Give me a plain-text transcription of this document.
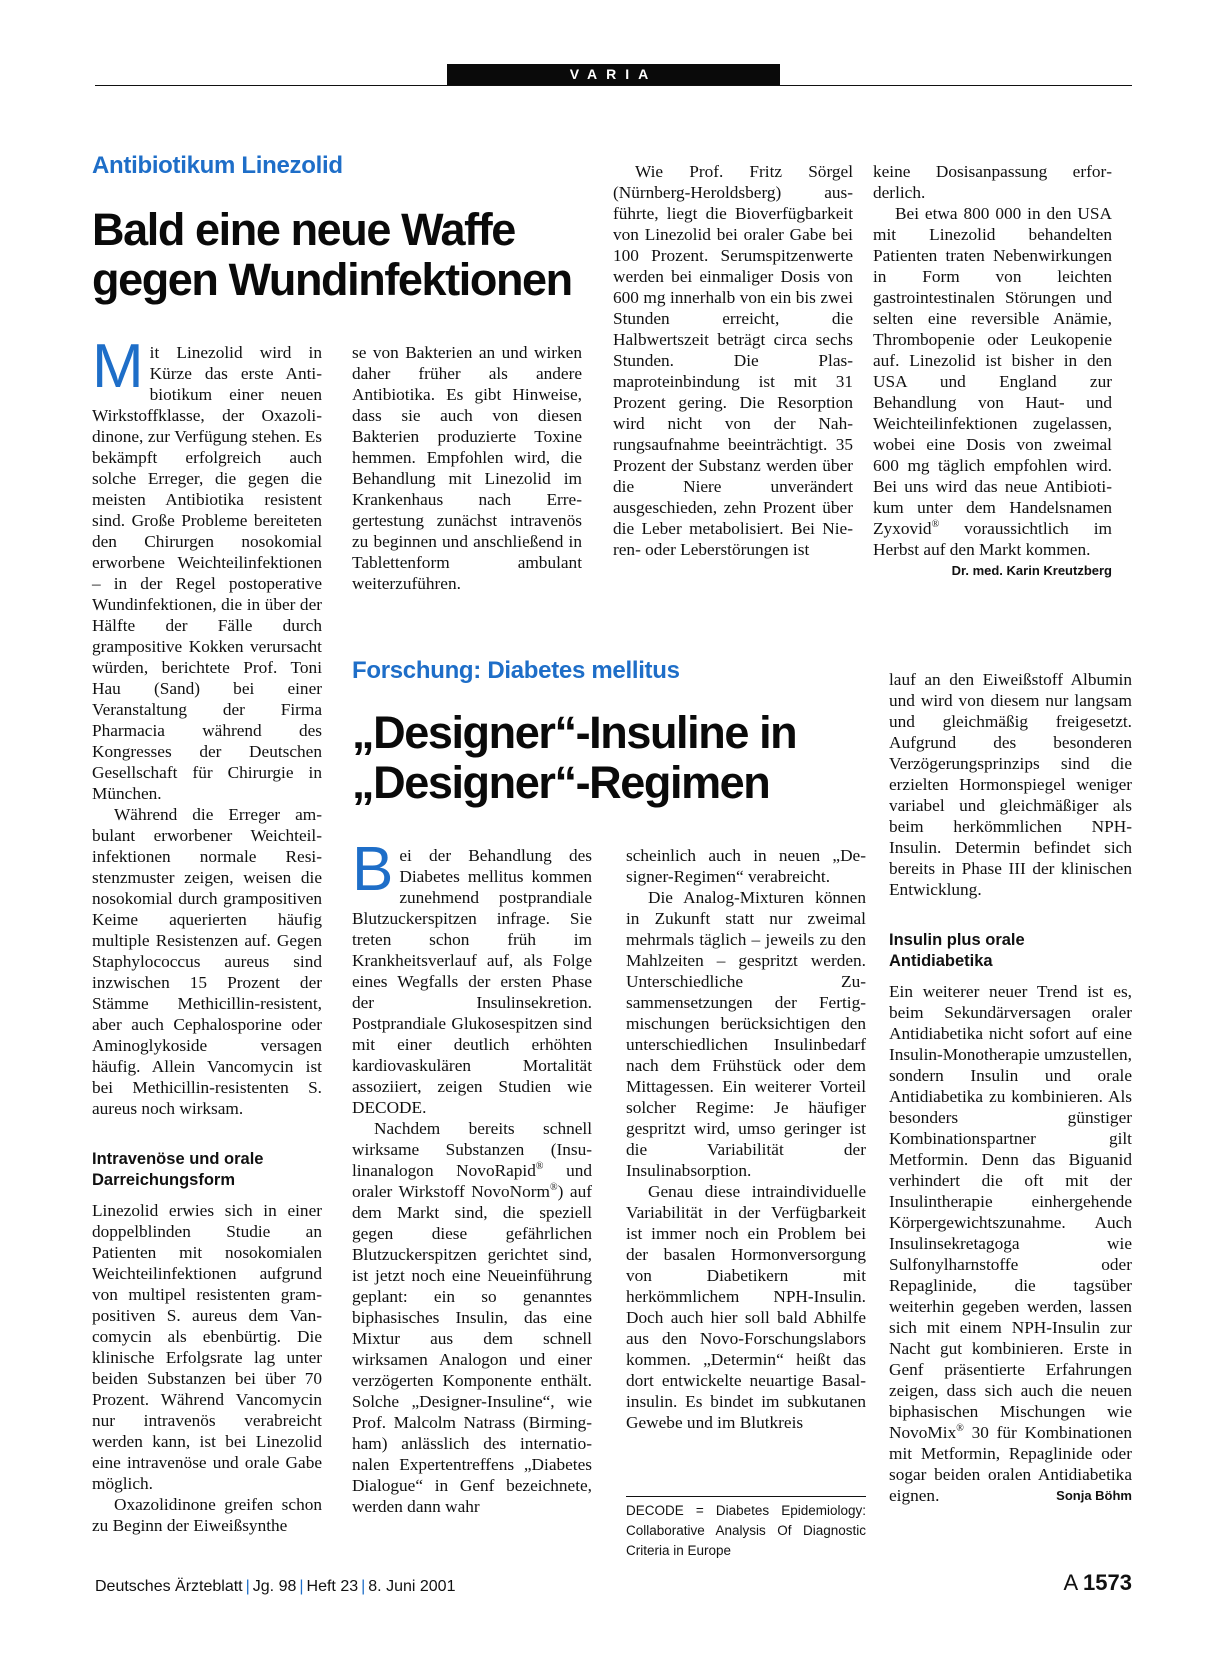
VARIA
Antibiotikum Linezolid
Bald eine neue Waffe
gegen Wundinfektionen

Mit Linezolid wird in Kürze das erste Antibiotikum einer neuen Wirkstoffklasse, der Oxazolidinone, zur Verfügung stehen. Es bekämpft erfolgreich auch solche Erreger, die gegen die meisten Antibiotika resistent sind. Große Probleme bereiteten den Chirurgen nosokomial erworbene Weichteilinfektionen – in der Regel postoperative Wundinfektionen, die in über der Hälfte der Fälle durch grampositive Kokken verursacht würden, berichtete Prof. Toni Hau (Sand) bei einer Veranstaltung der Firma Pharmacia während des Kongresses der Deutschen Gesellschaft für Chirurgie in München.

Während die Erreger ambulant erworbener Weichteilinfektionen normale Resistenzmuster zeigen, weisen die nosokomial durch grampositiven Keime aquerierten häufig multiple Resistenzen auf. Gegen Staphylococcus aureus sind inzwischen 15 Prozent der Stämme Methicillin-resistent, aber auch Cephalosporine oder Aminoglykoside versagen häufig. Allein Vancomycin ist bei Methicillin-resistenten S. aureus noch wirksam.

Intravenöse und orale
Darreichungsform

Linezolid erwies sich in einer doppelblinden Studie an Patienten mit nosokomialen Weichteilinfektionen aufgrund von multipel resistenten grampositiven S. aureus dem Vancomycin als ebenbürtig. Die klinische Erfolgsrate lag unter beiden Substanzen bei über 70 Prozent. Während Vancomycin nur intravenös verabreicht werden kann, ist bei Linezolid eine intravenöse und orale Gabe möglich.

Oxazolidinone greifen schon zu Beginn der Eiweißsynthe

se von Bakterien an und wirken daher früher als andere Antibiotika. Es gibt Hinweise, dass sie auch von diesen Bakterien produzierte Toxine hemmen. Empfohlen wird, die Behandlung mit Linezolid im Krankenhaus nach Erregertestung zunächst intravenös zu beginnen und anschließend in Tablettenform ambulant weiterzuführen.

Wie Prof. Fritz Sörgel (Nürnberg-Heroldsberg) ausführte, liegt die Bioverfügbarkeit von Linezolid bei oraler Gabe bei 100 Prozent. Serumspitzenwerte werden bei einmaliger Dosis von 600 mg innerhalb von ein bis zwei Stunden erreicht, die Halbwertszeit beträgt circa sechs Stunden. Die Plasmaproteinbindung ist mit 31 Prozent gering. Die Resorption wird nicht von der Nahrungsaufnahme beeinträchtigt. 35 Prozent der Substanz werden über die Niere unverändert ausgeschieden, zehn Prozent über die Leber metabolisiert. Bei Nieren- oder Leberstörungen ist

keine Dosisanpassung erforderlich.

Bei etwa 800 000 in den USA mit Linezolid behandelten Patienten traten Nebenwirkungen in Form von leichten gastrointestinalen Störungen und selten eine reversible Anämie, Thrombopenie oder Leukopenie auf. Linezolid ist bisher in den USA und England zur Behandlung von Haut- und Weichteilinfektionen zugelassen, wobei eine Dosis von zweimal 600 mg täglich empfohlen wird. Bei uns wird das neue Antibiotikum unter dem Handelsnamen Zyxovid® voraussichtlich im Herbst auf den Markt kommen.
Dr. med. Karin Kreutzberg

Forschung: Diabetes mellitus
„Designer“-Insuline in
„Designer“-Regimen

Bei der Behandlung des Diabetes mellitus kommen zunehmend postprandiale Blutzuckerspitzen infrage. Sie treten schon früh im Krankheitsverlauf auf, als Folge eines Wegfalls der ersten Phase der Insulinsekretion. Postprandiale Glukosespitzen sind mit einer deutlich erhöhten kardiovaskulären Mortalität assoziiert, zeigen Studien wie DECODE.

Nachdem bereits schnell wirksame Substanzen (Insulinanalogon NovoRapid® und oraler Wirkstoff NovoNorm®) auf dem Markt sind, die speziell gegen diese gefährlichen Blutzuckerspitzen gerichtet sind, ist jetzt noch eine Neueinführung geplant: ein so genanntes biphasisches Insulin, das eine Mixtur aus dem schnell wirksamen Analogon und einer verzögerten Komponente enthält. Solche „Designer-Insuline“, wie Prof. Malcolm Natrass (Birmingham) anlässlich des internationalen Expertentreffens „Diabetes Dialogue“ in Genf bezeichnete, werden dann wahr

scheinlich auch in neuen „Designer-Regimen“ verabreicht.

Die Analog-Mixturen können in Zukunft statt nur zweimal mehrmals täglich – jeweils zu den Mahlzeiten – gespritzt werden. Unterschiedliche Zusammensetzungen der Fertigmischungen berücksichtigen den unterschiedlichen Insulinbedarf nach dem Frühstück oder dem Mittagessen. Ein weiterer Vorteil solcher Regime: Je häufiger gespritzt wird, umso geringer ist die Variabilität der Insulinabsorption.

Genau diese intraindividuelle Variabilität in der Verfügbarkeit ist immer noch ein Problem bei der basalen Hormonversorgung von Diabetikern mit herkömmlichem NPH-Insulin. Doch auch hier soll bald Abhilfe aus den Novo-Forschungslabors kommen. „Determin“ heißt das dort entwickelte neuartige Basalinsulin. Es bindet im subkutanen Gewebe und im Blutkreis

DECODE = Diabetes Epidemiology: Collaborative Analysis Of Diagnostic Criteria in Europe

lauf an den Eiweißstoff Albumin und wird von diesem nur langsam und gleichmäßig freigesetzt. Aufgrund des besonderen Verzögerungsprinzips sind die erzielten Hormonspiegel weniger variabel und gleichmäßiger als beim herkömmlichen NPH-Insulin. Determin befindet sich bereits in Phase III der klinischen Entwicklung.

Insulin plus orale
Antidiabetika

Ein weiterer neuer Trend ist es, beim Sekundärversagen oraler Antidiabetika nicht sofort auf eine Insulin-Monotherapie umzustellen, sondern Insulin und orale Antidiabetika zu kombinieren. Als besonders günstiger Kombinationspartner gilt Metformin. Denn das Biguanid verhindert die oft mit der Insulintherapie einhergehende Körpergewichtszunahme. Auch Insulinsekretagoga wie Sulfonylharnstoffe oder Repaglinide, die tagsüber weiterhin gegeben werden, lassen sich mit einem NPH-Insulin zur Nacht gut kombinieren. Erste in Genf präsentierte Erfahrungen zeigen, dass sich auch die neuen biphasischen Mischungen wie NovoMix® 30 für Kombinationen mit Metformin, Repaglinide oder sogar beiden oralen Antidiabetika eignen.	Sonja Böhm

Deutsches Ärzteblatt | Jg. 98 | Heft 23 | 8. Juni 2001	A 1573
